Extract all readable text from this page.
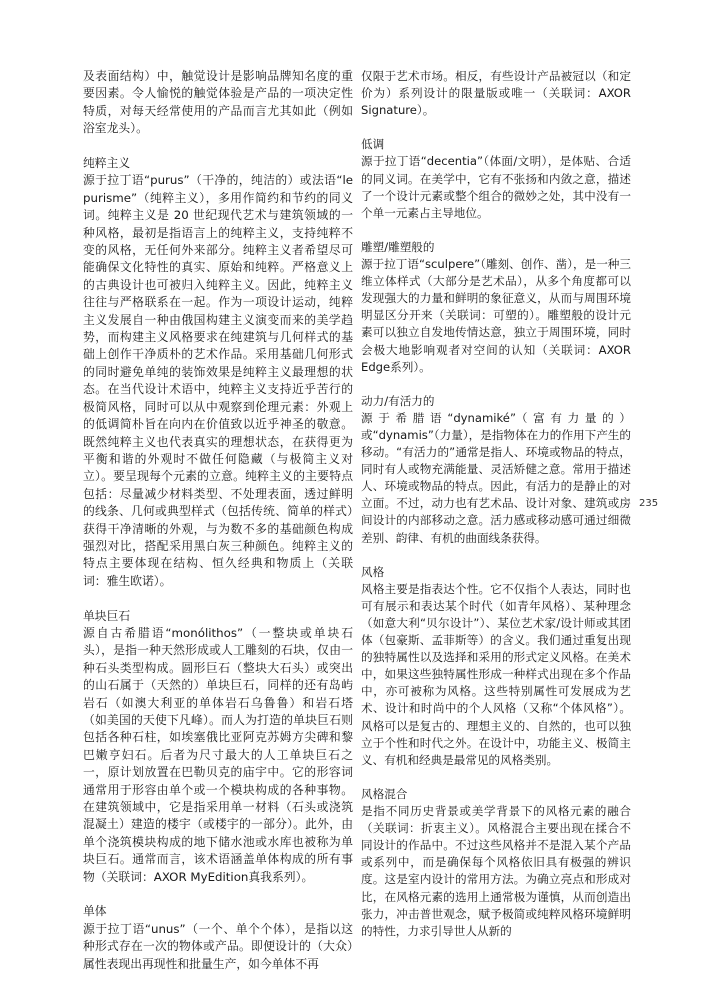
及表面结构）中，触觉设计是影响品牌知名度的重要因素。令人愉悦的触觉体验是产品的一项决定性特质，对每天经常使用的产品而言尤其如此（例如浴室龙头）。

纯粹主义

源于拉丁语“purus”（干净的，纯洁的）或法语“le purisme”（纯粹主义），多用作简约和节约的同义词。纯粹主义是 20 世纪现代艺术与建筑领域的一种风格，最初是指语言上的纯粹主义，支持纯粹不变的风格，无任何外来部分。纯粹主义者希望尽可能确保文化特性的真实、原始和纯粹。严格意义上的古典设计也可被归入纯粹主义。因此，纯粹主义往往与严格联系在一起。作为一项设计运动，纯粹主义发展自一种由俄国构建主义演变而来的美学趋势，而构建主义风格要求在纯建筑与几何样式的基础上创作干净质朴的艺术作品。采用基础几何形式的同时避免单纯的装饰效果是纯粹主义最理想的状态。在当代设计术语中，纯粹主义支持近乎苦行的极简风格，同时可以从中观察到伦理元素：外观上的低调简朴旨在向内在价值致以近乎神圣的敬意。既然纯粹主义也代表真实的理想状态，在获得更为平衡和谐的外观时不做任何隐藏（与极简主义对立）。要呈现每个元素的立意。纯粹主义的主要特点包括：尽量减少材料类型、不处理表面，透过鲜明的线条、几何或典型样式（包括传统、简单的样式）获得干净清晰的外观，与为数不多的基础颜色构成强烈对比，搭配采用黑白灰三种颜色。纯粹主义的特点主要体现在结构、恒久经典和物质上（关联词：雅生欧诺）。

单块巨石

源自古希腊语“monólithos”（一整块或单块石头），是指一种天然形成或人工雕刻的石块，仅由一种石头类型构成。圆形巨石（整块大石头）或突出的山石属于（天然的）单块巨石，同样的还有岛屿岩石（如澳大利亚的单体岩石乌鲁鲁）和岩石塔（如美国的天使下凡峰）。而人为打造的单块巨石则包括各种石柱，如埃塞俄比亚阿克苏姆方尖碑和黎巴嫩亨妇石。后者为尺寸最大的人工单块巨石之一，原计划放置在巴勒贝克的庙宇中。它的形容词通常用于形容由单个或一个模块构成的各种事物。在建筑领域中，它是指采用单一材料（石头或浇筑混凝土）建造的楼宇（或楼宇的一部分）。此外，由单个浇筑模块构成的地下储水池或水库也被称为单块巨石。通常而言，该术语涵盖单体构成的所有事物（关联词：AXOR MyEdition真我系列）。

单体

源于拉丁语“unus”（一个、单个个体），是指以这种形式存在一次的物体或产品。即便设计的（大众）属性表现出再现性和批量生产，如今单体不再

仅限于艺术市场。相反，有些设计产品被冠以（和定价为）系列设计的限量版或唯一（关联词：AXOR Signature）。

低调

源于拉丁语“decentia”（体面/文明），是体贴、合适的同义词。在美学中，它有不张扬和内敛之意，描述了一个设计元素或整个组合的微妙之处，其中没有一个单一元素占主导地位。

雕塑/雕塑般的

源于拉丁语“sculpere”（雕刻、创作、凿），是一种三维立体样式（大部分是艺术品），从多个角度都可以发现强大的力量和鲜明的象征意义，从而与周围环境明显区分开来（关联词：可塑的）。雕塑般的设计元素可以独立自发地传情达意，独立于周围环境，同时会极大地影响观者对空间的认知（关联词：AXOR Edge系列）。

动力/有活力的

源于希腊语“dynamiké”（富有力量的）或“dynamis”（力量），是指物体在力的作用下产生的移动。“有活力的”通常是指人、环境或物品的特点，同时有人或物充满能量、灵活矫健之意。常用于描述人、环境或物品的特点。因此，有活力的是静止的对立面。不过，动力也有艺术品、设计对象、建筑或房间设计的内部移动之意。活力感或移动感可通过细微差别、韵律、有机的曲面线条获得。

风格

风格主要是指表达个性。它不仅指个人表达，同时也可有展示和表达某个时代（如青年风格）、某种理念（如意大利“贝尔设计”）、某位艺术家/设计师或其团体（包豪斯、孟菲斯等）的含义。我们通过重复出现的独特属性以及选择和采用的形式定义风格。在美术中，如果这些独特属性形成一种样式出现在多个作品中，亦可被称为风格。这些特别属性可发展成为艺术、设计和时尚中的个人风格（又称“个体风格”）。风格可以是复古的、理想主义的、自然的，也可以独立于个性和时代之外。在设计中，功能主义、极简主义、有机和经典是最常见的风格类别。

风格混合

是指不同历史背景或美学背景下的风格元素的融合（关联词：折衷主义）。风格混合主要出现在揉合不同设计的作品中。不过这些风格并不是混入某个产品或系列中，而是确保每个风格依旧具有极强的辨识度。这是室内设计的常用方法。为确立亮点和形成对比，在风格元素的选用上通常极为谨慎，从而创造出张力，冲击普世观念，赋予极简或纯粹风格环境鲜明的特性，力求引导世人从新的

235
